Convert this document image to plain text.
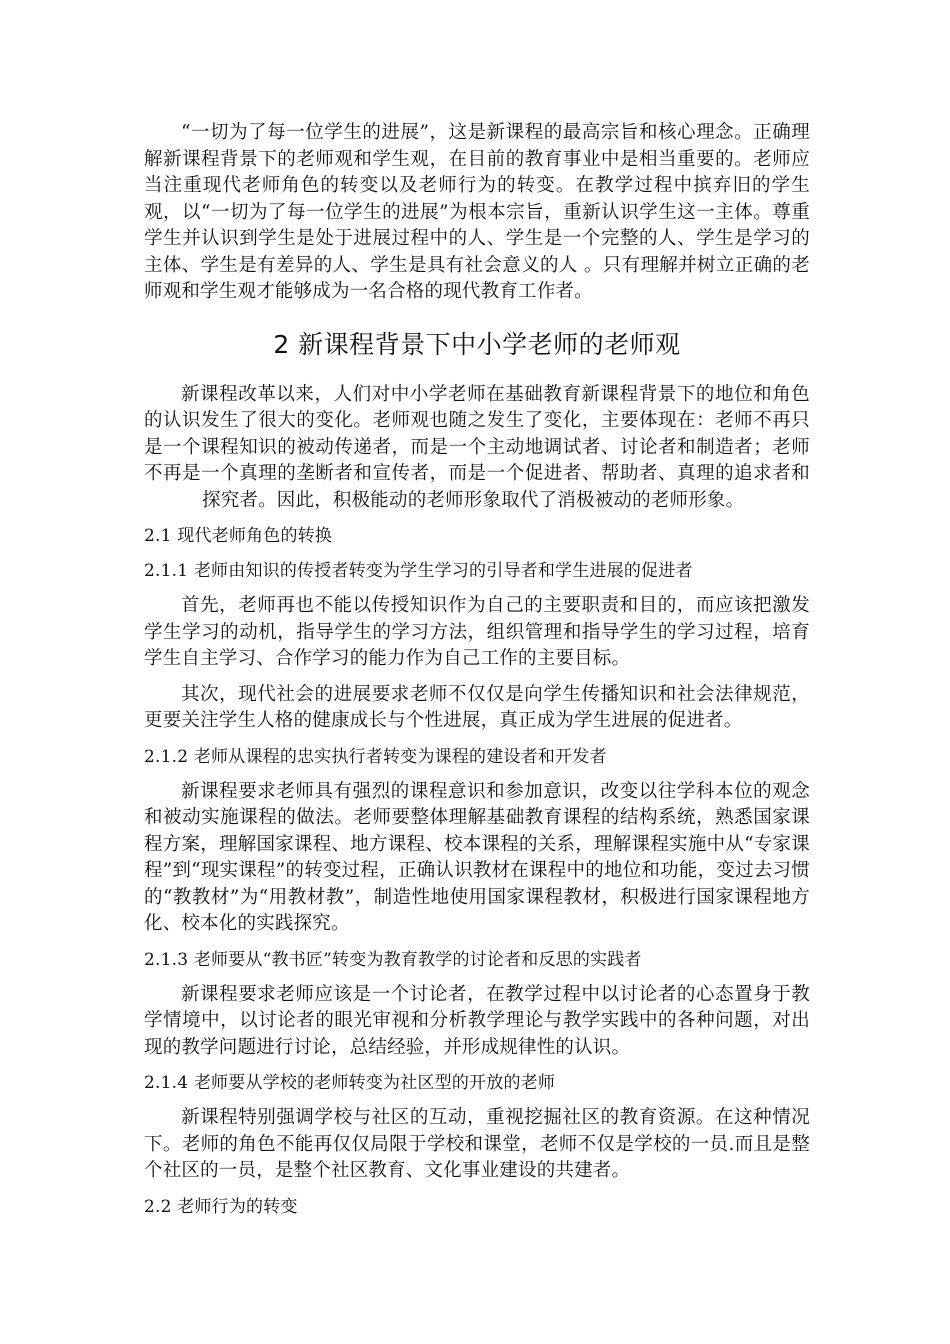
“一切为了每一位学生的进展”，这是新课程的最高宗旨和核心理念。正确理解新课程背景下的老师观和学生观，在目前的教育事业中是相当重要的。老师应当注重现代老师角色的转变以及老师行为的转变。在教学过程中摈弃旧的学生观，以“一切为了每一位学生的进展”为根本宗旨，重新认识学生这一主体。尊重学生并认识到学生是处于进展过程中的人、学生是一个完整的人、学生是学习的主体、学生是有差异的人、学生是具有社会意义的人 。只有理解并树立正确的老师观和学生观才能够成为一名合格的现代教育工作者。

2 新课程背景下中小学老师的老师观

新课程改革以来，人们对中小学老师在基础教育新课程背景下的地位和角色的认识发生了很大的变化。老师观也随之发生了变化，主要体现在：老师不再只是一个课程知识的被动传递者，而是一个主动地调试者、讨论者和制造者；老师不再是一个真理的垄断者和宣传者，而是一个促进者、帮助者、真理的追求者和探究者。因此，积极能动的老师形象取代了消极被动的老师形象。

2.1 现代老师角色的转换
2.1.1 老师由知识的传授者转变为学生学习的引导者和学生进展的促进者

首先，老师再也不能以传授知识作为自己的主要职责和目的，而应该把激发学生学习的动机，指导学生的学习方法，组织管理和指导学生的学习过程，培育学生自主学习、合作学习的能力作为自己工作的主要目标。

其次，现代社会的进展要求老师不仅仅是向学生传播知识和社会法律规范，更要关注学生人格的健康成长与个性进展，真正成为学生进展的促进者。

2.1.2 老师从课程的忠实执行者转变为课程的建设者和开发者

新课程要求老师具有强烈的课程意识和参加意识，改变以往学科本位的观念和被动实施课程的做法。老师要整体理解基础教育课程的结构系统，熟悉国家课程方案，理解国家课程、地方课程、校本课程的关系，理解课程实施中从“专家课程”到“现实课程”的转变过程，正确认识教材在课程中的地位和功能，变过去习惯的“教教材”为“用教材教”，制造性地使用国家课程教材，积极进行国家课程地方化、校本化的实践探究。

2.1.3 老师要从“教书匠”转变为教育教学的讨论者和反思的实践者

新课程要求老师应该是一个讨论者，在教学过程中以讨论者的心态置身于教学情境中，以讨论者的眼光审视和分析教学理论与教学实践中的各种问题，对出现的教学问题进行讨论，总结经验，并形成规律性的认识。

2.1.4 老师要从学校的老师转变为社区型的开放的老师

新课程特别强调学校与社区的互动，重视挖掘社区的教育资源。在这种情况下。老师的角色不能再仅仅局限于学校和课堂，老师不仅是学校的一员.而且是整个社区的一员，是整个社区教育、文化事业建设的共建者。

2.2 老师行为的转变
